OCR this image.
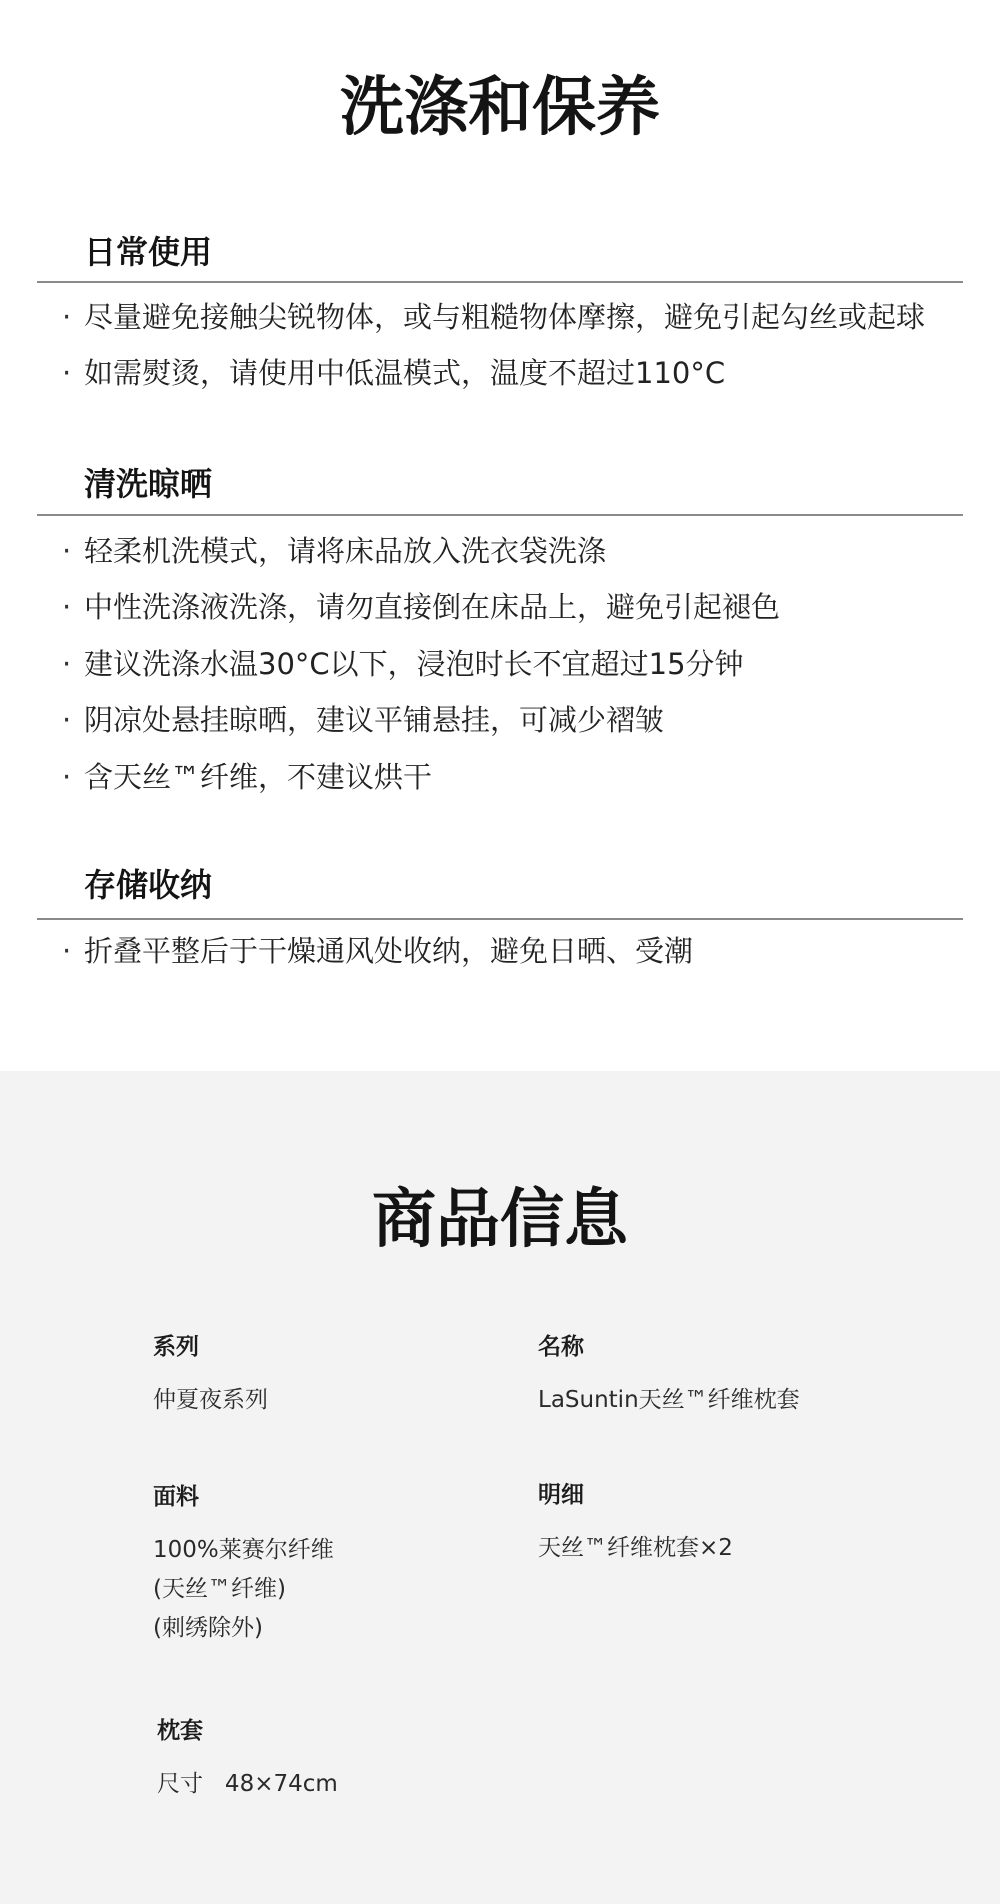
洗涤和保养
日常使用
· 尽量避免接触尖锐物体，或与粗糙物体摩擦，避免引起勾丝或起球
· 如需熨烫，请使用中低温模式，温度不超过110°C
清洗晾晒
· 轻柔机洗模式，请将床品放入洗衣袋洗涤
· 中性洗涤液洗涤，请勿直接倒在床品上，避免引起褪色
· 建议洗涤水温30°C以下，浸泡时长不宜超过15分钟
· 阴凉处悬挂晾晒，建议平铺悬挂，可减少褶皱
· 含天丝™纤维，不建议烘干
存储收纳
· 折叠平整后于干燥通风处收纳，避免日晒、受潮
商品信息
系列
仲夏夜系列
名称
LaSuntin天丝™纤维枕套
面料
100%莱赛尔纤维
(天丝™纤维)
(刺绣除外)
明细
天丝™纤维枕套×2
枕套
尺寸   48×74cm
